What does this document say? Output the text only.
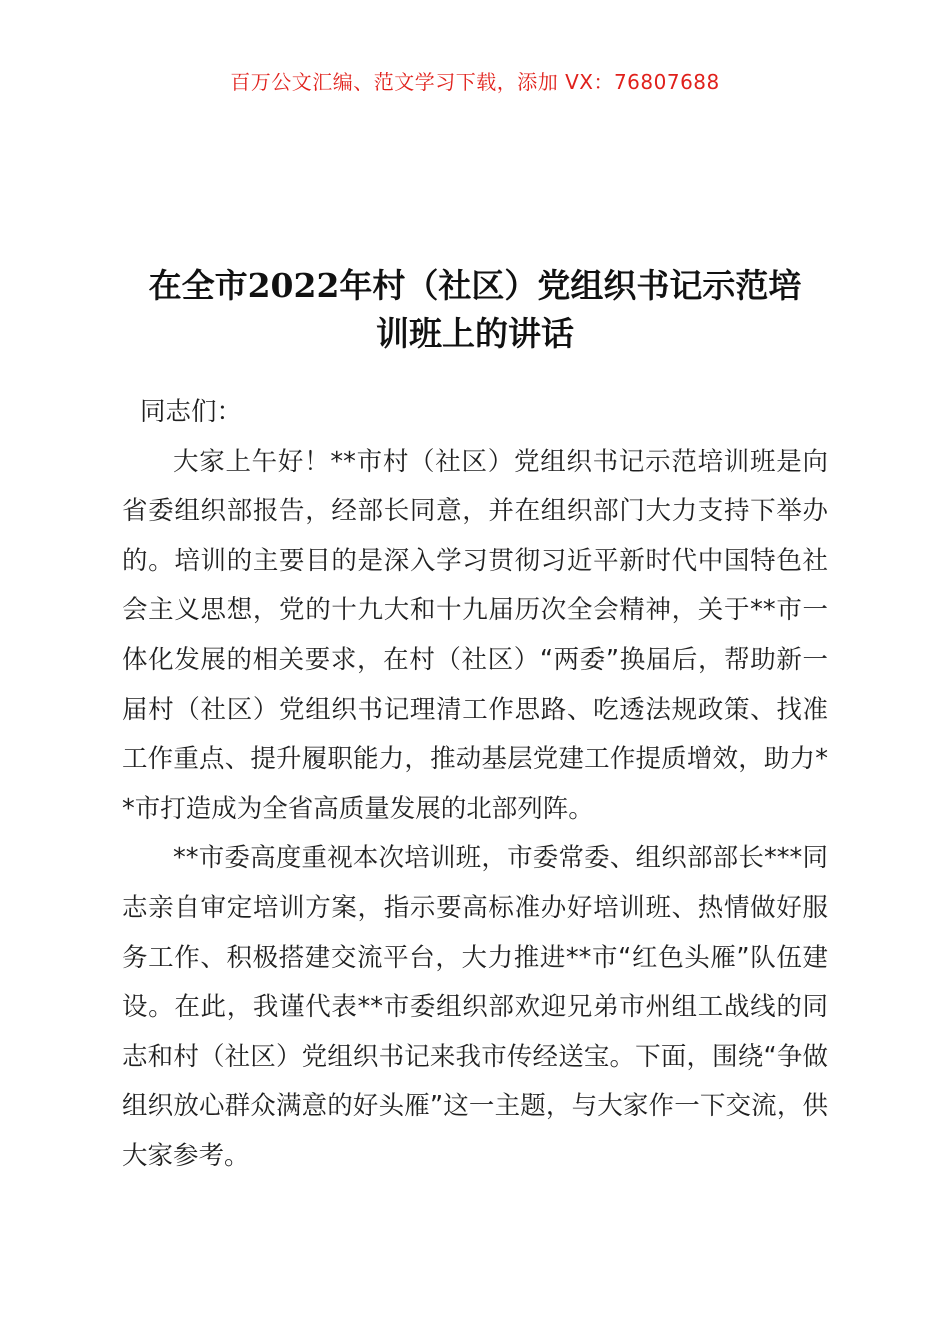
百万公文汇编、范文学习下载，添加 VX：76807688
在全市2022年村（社区）党组织书记示范培
训班上的讲话

同志们：

大家上午好！**市村（社区）党组织书记示范培训班是向省委组织部报告，经部长同意，并在组织部门大力支持下举办的。培训的主要目的是深入学习贯彻习近平新时代中国特色社会主义思想，党的十九大和十九届历次全会精神，关于**市一体化发展的相关要求，在村（社区）“两委”换届后，帮助新一届村（社区）党组织书记理清工作思路、吃透法规政策、找准工作重点、提升履职能力，推动基层党建工作提质增效，助力**市打造成为全省高质量发展的北部列阵。

**市委高度重视本次培训班，市委常委、组织部部长***同志亲自审定培训方案，指示要高标准办好培训班、热情做好服务工作、积极搭建交流平台，大力推进**市“红色头雁”队伍建设。在此，我谨代表**市委组织部欢迎兄弟市州组工战线的同志和村（社区）党组织书记来我市传经送宝。下面，围绕“争做组织放心群众满意的好头雁”这一主题，与大家作一下交流，供大家参考。
